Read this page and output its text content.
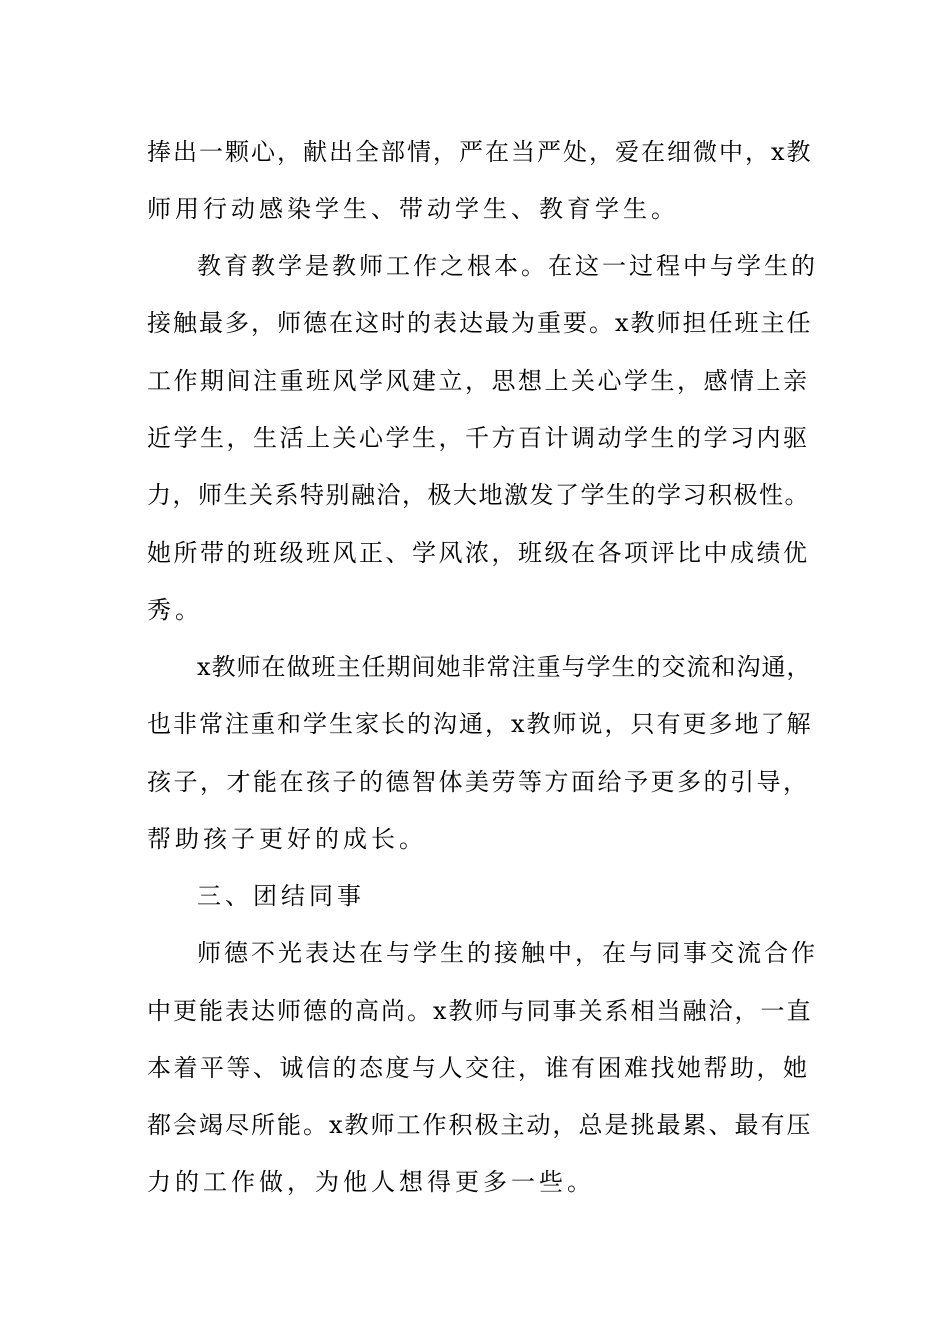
捧出一颗心，献出全部情，严在当严处，爱在细微中，x教
师用行动感染学生、带动学生、教育学生。
教育教学是教师工作之根本。在这一过程中与学生的
接触最多，师德在这时的表达最为重要。x教师担任班主任
工作期间注重班风学风建立，思想上关心学生，感情上亲
近学生，生活上关心学生，千方百计调动学生的学习内驱
力，师生关系特别融洽，极大地激发了学生的学习积极性。
她所带的班级班风正、学风浓，班级在各项评比中成绩优
秀。
x教师在做班主任期间她非常注重与学生的交流和沟通，
也非常注重和学生家长的沟通，x教师说，只有更多地了解
孩子，才能在孩子的德智体美劳等方面给予更多的引导，
帮助孩子更好的成长。
三、团结同事
师德不光表达在与学生的接触中，在与同事交流合作
中更能表达师德的高尚。x教师与同事关系相当融洽，一直
本着平等、诚信的态度与人交往，谁有困难找她帮助，她
都会竭尽所能。x教师工作积极主动，总是挑最累、最有压
力的工作做，为他人想得更多一些。
